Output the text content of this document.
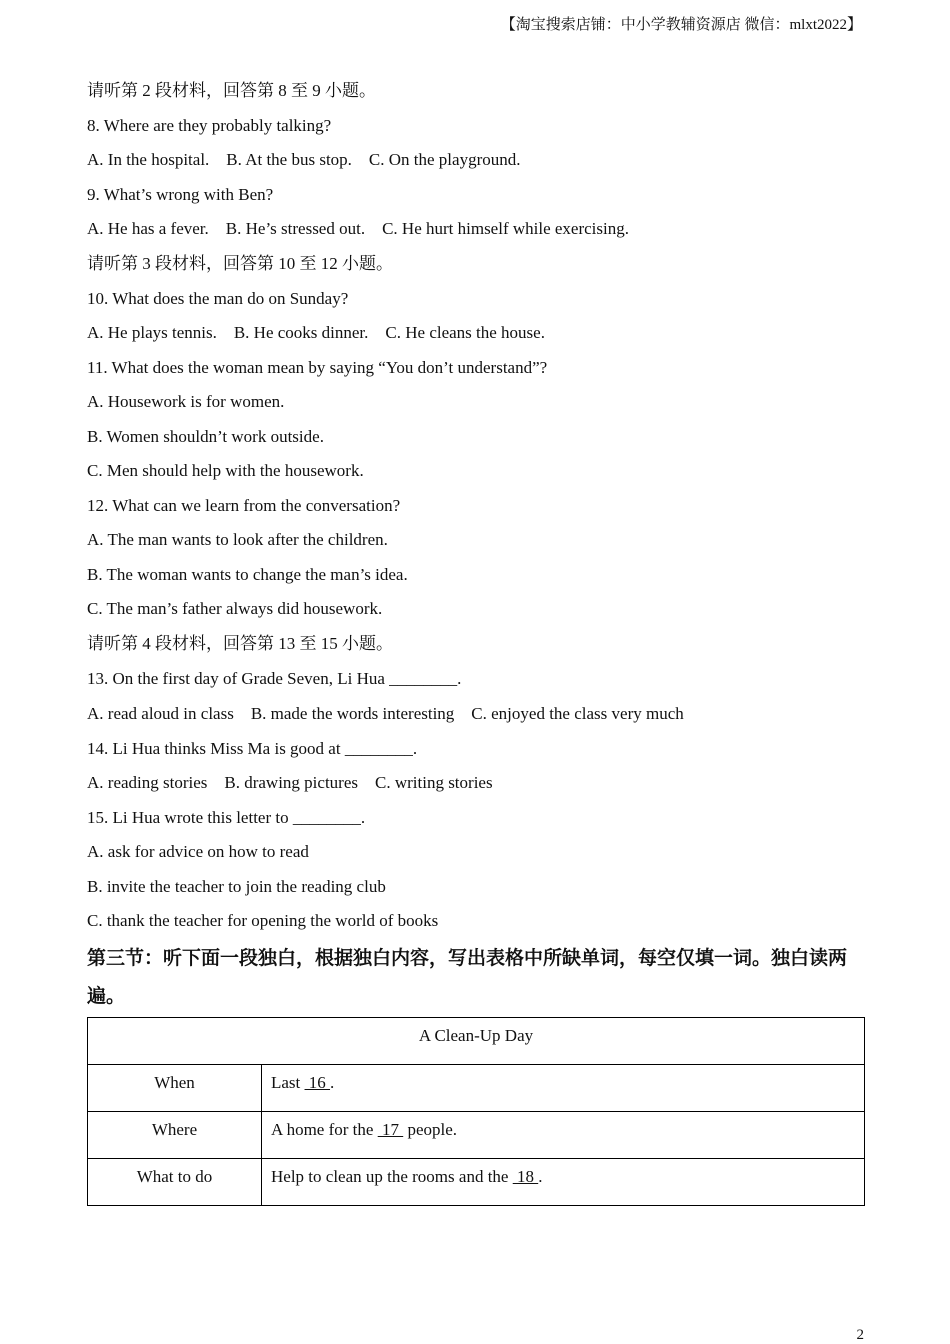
【淘宝搜索店铺：中小学教辅资源店 微信：mlxt2022】
请听第 2 段材料，回答第 8 至 9 小题。
8. Where are they probably talking?
A. In the hospital.    B. At the bus stop.    C. On the playground.
9. What’s wrong with Ben?
A. He has a fever.    B. He’s stressed out.    C. He hurt himself while exercising.
请听第 3 段材料，回答第 10 至 12 小题。
10. What does the man do on Sunday?
A. He plays tennis.    B. He cooks dinner.    C. He cleans the house.
11. What does the woman mean by saying “You don’t understand”?
A. Housework is for women.
B. Women shouldn’t work outside.
C. Men should help with the housework.
12. What can we learn from the conversation?
A. The man wants to look after the children.
B. The woman wants to change the man’s idea.
C. The man’s father always did housework.
请听第 4 段材料，回答第 13 至 15 小题。
13. On the first day of Grade Seven, Li Hua ________.
A. read aloud in class    B. made the words interesting    C. enjoyed the class very much
14. Li Hua thinks Miss Ma is good at ________.
A. reading stories    B. drawing pictures    C. writing stories
15. Li Hua wrote this letter to ________.
A. ask for advice on how to read
B. invite the teacher to join the reading club
C. thank the teacher for opening the world of books
第三节：听下面一段独白，根据独白内容，写出表格中所缺单词，每空仅填一词。独白读两遍。
A Clean-Up Day	
When	Last  16 .
Where	A home for the  17  people.
What to do	Help to clean up the rooms and the  18 .
2
